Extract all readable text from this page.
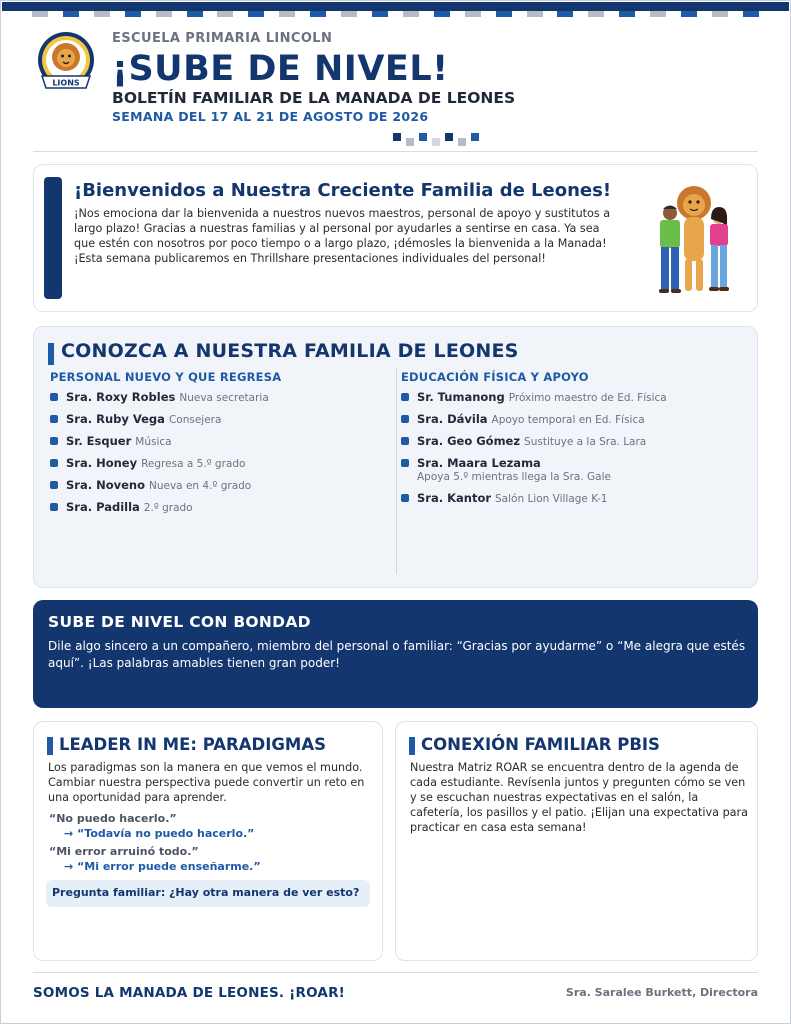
LIONS
ESCUELA PRIMARIA LINCOLN
¡SUBE DE NIVEL!
BOLETÍN FAMILIAR DE LA MANADA DE LEONES
SEMANA DEL 17 AL 21 DE AGOSTO DE 2026
¡Bienvenidos a Nuestra Creciente Familia de Leones!

¡Nos emociona dar la bienvenida a nuestros nuevos maestros, personal de apoyo y sustitutos a largo plazo! Gracias a nuestras familias y al personal por ayudarles a sentirse en casa. Ya sea que estén con nosotros por poco tiempo o a largo plazo, ¡démosles la bienvenida a la Manada! ¡Esta semana publicaremos en Thrillshare presentaciones individuales del personal!

CONOZCA A NUESTRA FAMILIA DE LEONES
PERSONAL NUEVO Y QUE REGRESA	EDUCACIÓN FÍSICA Y APOYO
Sra. Roxy Robles Nueva secretaria
Sra. Ruby Vega Consejera
Sr. Esquer Música
Sra. Honey Regresa a 5.º grado
Sra. Noveno Nueva en 4.º grado
Sra. Padilla 2.º grado
Sr. Tumanong Próximo maestro de Ed. Física
Sra. Dávila Apoyo temporal en Ed. Física
Sra. Geo Gómez Sustituye a la Sra. Lara
Sra. Maara Lezama
Apoya 5.º mientras llega la Sra. Gale
Sra. Kantor Salón Lion Village K-1
SUBE DE NIVEL CON BONDAD

Dile algo sincero a un compañero, miembro del personal o familiar: “Gracias por ayudarme” o “Me alegra que estés aquí”. ¡Las palabras amables tienen gran poder!

LEADER IN ME: PARADIGMAS

Los paradigmas son la manera en que vemos el mundo. Cambiar nuestra perspectiva puede convertir un reto en una oportunidad para aprender.

“No puedo hacerlo.”
→ “Todavía no puedo hacerlo.”
“Mi error arruinó todo.”
→ “Mi error puede enseñarme.”
Pregunta familiar: ¿Hay otra manera de ver esto?
CONEXIÓN FAMILIAR PBIS

Nuestra Matriz ROAR se encuentra dentro de la agenda de cada estudiante. Revísenla juntos y pregunten cómo se ven y se escuchan nuestras expectativas en el salón, la cafetería, los pasillos y el patio. ¡Elijan una expectativa para practicar en casa esta semana!

SOMOS LA MANADA DE LEONES. ¡ROAR!	Sra. Saralee Burkett, Directora
